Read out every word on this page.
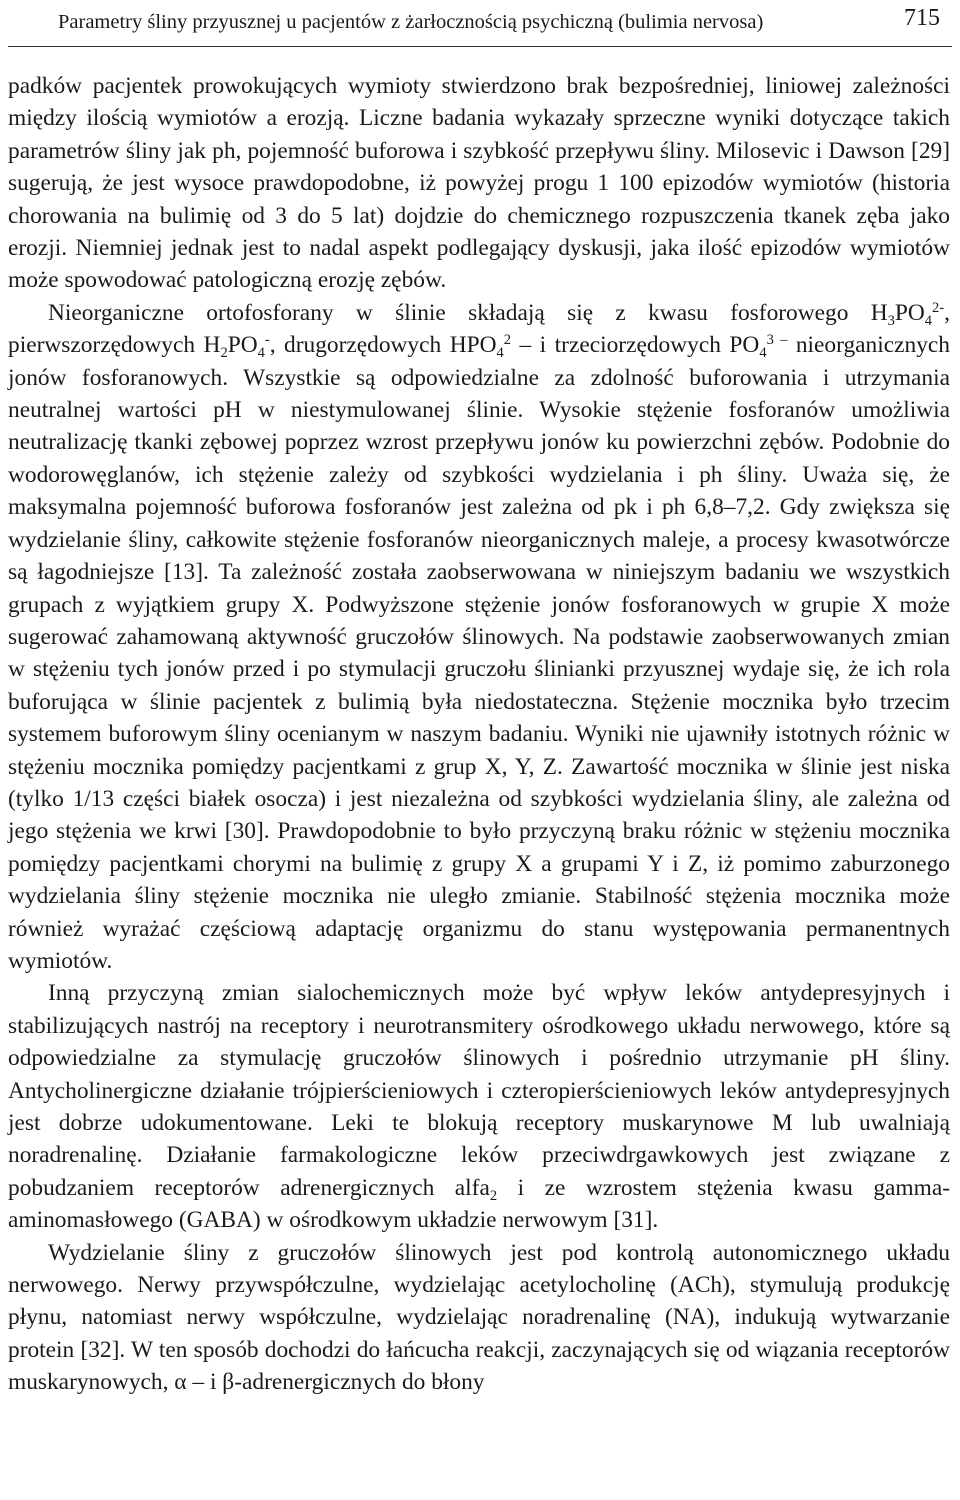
Parametry śliny przyusznej u pacjentów z żarłocznością psychiczną (bulimia nervosa)	715

padków pacjentek prowokujących wymioty stwierdzono brak bezpośredniej, liniowej zależności między ilością wymiotów a erozją. Liczne badania wykazały sprzeczne wyniki dotyczące takich parametrów śliny jak ph, pojemność buforowa i szybkość przepływu śliny. Milosevic i Dawson [29] sugerują, że jest wysoce prawdopodobne, iż powyżej progu 1 100 epizodów wymiotów (historia chorowania na bulimię od 3 do 5 lat) dojdzie do chemicznego rozpuszczenia tkanek zęba jako erozji. Niemniej jednak jest to nadal aspekt podlegający dyskusji, jaka ilość epizodów wymiotów może spowodować patologiczną erozję zębów.

Nieorganiczne ortofosforany w ślinie składają się z kwasu fosforowego $H_3PO_4^{2-}$, pierwszorzędowych $H_2PO_4^-$, drugorzędowych $HPO_4^2$ – i trzeciorzędowych $PO_4^{3 -}$ nieorganicznych jonów fosforanowych. Wszystkie są odpowiedzialne za zdolność buforowania i utrzymania neutralnej wartości pH w niestymulowanej ślinie. Wysokie stężenie fosforanów umożliwia neutralizację tkanki zębowej poprzez wzrost przepływu jonów ku powierzchni zębów. Podobnie do wodorowęglanów, ich stężenie zależy od szybkości wydzielania i ph śliny. Uważa się, że maksymalna pojemność buforowa fosforanów jest zależna od pk i ph 6,8–7,2. Gdy zwiększa się wydzielanie śliny, całkowite stężenie fosforanów nieorganicznych maleje, a procesy kwasotwórcze są łagodniejsze [13]. Ta zależność została zaobserwowana w niniejszym badaniu we wszystkich grupach z wyjątkiem grupy X. Podwyższone stężenie jonów fosforanowych w grupie X może sugerować zahamowaną aktywność gruczołów ślinowych. Na podstawie zaobserwowanych zmian w stężeniu tych jonów przed i po stymulacji gruczołu ślinianki przyusznej wydaje się, że ich rola buforująca w ślinie pacjentek z bulimią była niedostateczna. Stężenie mocznika było trzecim systemem buforowym śliny ocenianym w naszym badaniu. Wyniki nie ujawniły istotnych różnic w stężeniu mocznika pomiędzy pacjentkami z grup X, Y, Z. Zawartość mocznika w ślinie jest niska (tylko 1/13 części białek osocza) i jest niezależna od szybkości wydzielania śliny, ale zależna od jego stężenia we krwi [30]. Prawdopodobnie to było przyczyną braku różnic w stężeniu mocznika pomiędzy pacjentkami chorymi na bulimię z grupy X a grupami Y i Z, iż pomimo zaburzonego wydzielania śliny stężenie mocznika nie uległo zmianie. Stabilność stężenia mocznika może również wyrażać częściową adaptację organizmu do stanu występowania permanentnych wymiotów.

Inną przyczyną zmian sialochemicznych może być wpływ leków antydepresyjnych i stabilizujących nastrój na receptory i neurotransmitery ośrodkowego układu nerwowego, które są odpowiedzialne za stymulację gruczołów ślinowych i pośrednio utrzymanie pH śliny. Antycholinergiczne działanie trójpierścieniowych i czteropierścieniowych leków antydepresyjnych jest dobrze udokumentowane. Leki te blokują receptory muskarynowe M lub uwalniają noradrenalinę. Działanie farmakologiczne leków przeciwdrgawkowych jest związane z pobudzaniem receptorów adrenergicznych alfa$_2$ i ze wzrostem stężenia kwasu gamma-aminomasłowego (GABA) w ośrodkowym układzie nerwowym [31].

Wydzielanie śliny z gruczołów ślinowych jest pod kontrolą autonomicznego układu nerwowego. Nerwy przywspółczulne, wydzielając acetylocholinę (ACh), stymulują produkcję płynu, natomiast nerwy współczulne, wydzielając noradrenalinę (NA), indukują wytwarzanie protein [32]. W ten sposób dochodzi do łańcucha reakcji, zaczynających się od wiązania receptorów muskarynowych, α – i β-adrenergicznych do błony
